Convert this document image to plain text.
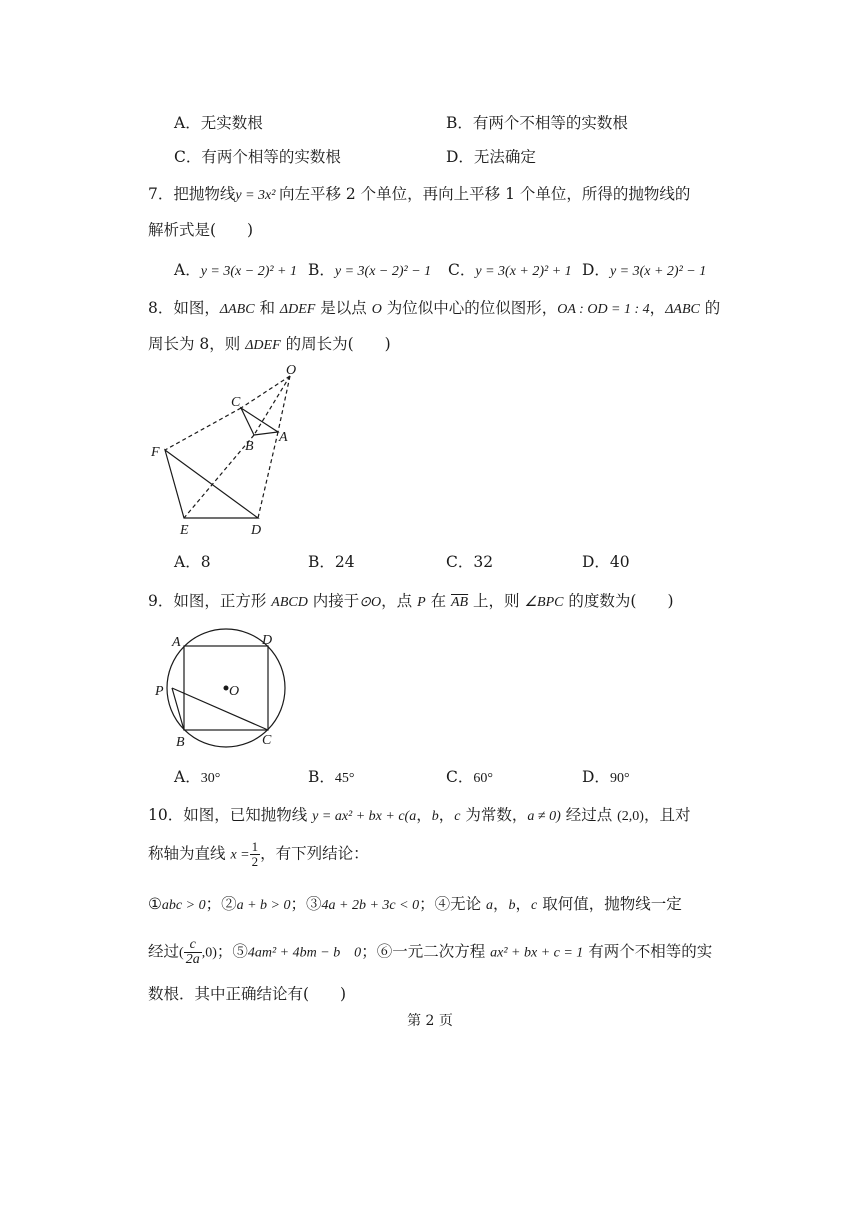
A．无实数根	B．有两个不相等的实数根
C．有两个相等的实数根	D．无法确定
7．把抛物线y = 3x² 向左平移 2 个单位，再向上平移 1 个单位，所得的抛物线的
解析式是(　　)
A．y = 3(x − 2)² + 1 B．y = 3(x − 2)² − 1 C．y = 3(x + 2)² + 1 D．y = 3(x + 2)² − 1
8．如图，ΔABC 和 ΔDEF 是以点 O 为位似中心的位似图形，OA : OD = 1 : 4，ΔABC 的
周长为 8，则 ΔDEF 的周长为(　　)
O
C
B
A
F
E	D
A．8	B．24	C．32	D．40
9．如图，正方形 ABCD 内接于⊙O，点 P 在 $\overline{AB}$ 上，则 ∠BPC 的度数为(　　)
A	D
O
P
B	C
A．30°	B．45°	C．60°	D．90°
10．如图，已知抛物线 y = ax² + bx + c(a，b，c 为常数，a ≠ 0) 经过点 (2,0)，且对
称轴为直线 $x = \frac{1}{2}$ ，有下列结论：
①abc > 0；②a + b > 0；③4a + 2b + 3c < 0；④无论 a，b，c 取何值，抛物线一定
经过( $\frac{c}{2a} ,0$)；⑤4am² + 4bm − b　0；⑥一元二次方程 ax² + bx + c = 1 有两个不相等的实
数根．其中正确结论有(　　)
第 2 页
